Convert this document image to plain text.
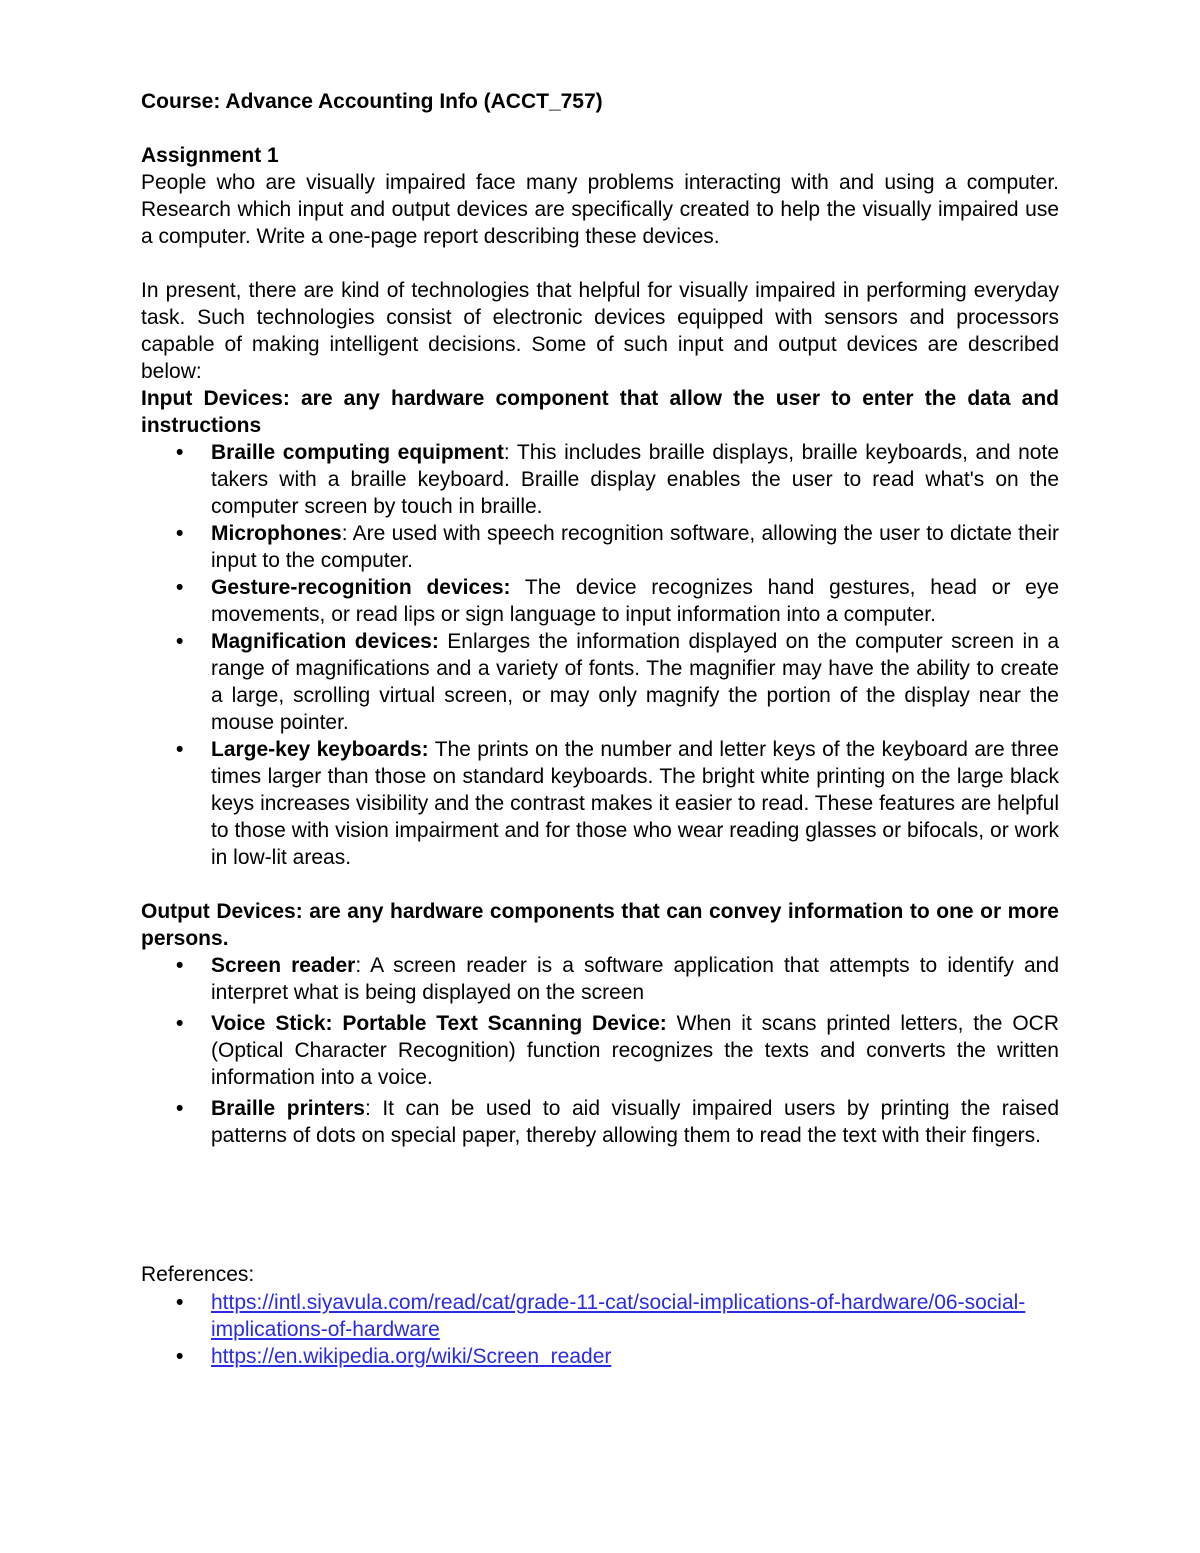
Course: Advance Accounting Info (ACCT_757)
Assignment 1

People who are visually impaired face many problems interacting with and using a computer. Research which input and output devices are specifically created to help the visually impaired use a computer. Write a one-page report describing these devices.

In present, there are kind of technologies that helpful for visually impaired in performing everyday task. Such technologies consist of electronic devices equipped with sensors and processors capable of making intelligent decisions. Some of such input and output devices are described below:

Input Devices: are any hardware component that allow the user to enter the data and instructions
• Braille computing equipment: This includes braille displays, braille keyboards, and note takers with a braille keyboard. Braille display enables the user to read what's on the computer screen by touch in braille.
• Microphones: Are used with speech recognition software, allowing the user to dictate their input to the computer.
• Gesture-recognition devices: The device recognizes hand gestures, head or eye movements, or read lips or sign language to input information into a computer.
• Magnification devices: Enlarges the information displayed on the computer screen in a range of magnifications and a variety of fonts. The magnifier may have the ability to create a large, scrolling virtual screen, or may only magnify the portion of the display near the mouse pointer.
• Large-key keyboards: The prints on the number and letter keys of the keyboard are three times larger than those on standard keyboards. The bright white printing on the large black keys increases visibility and the contrast makes it easier to read. These features are helpful to those with vision impairment and for those who wear reading glasses or bifocals, or work in low-lit areas.
Output Devices: are any hardware components that can convey information to one or more persons.
• Screen reader: A screen reader is a software application that attempts to identify and interpret what is being displayed on the screen
• Voice Stick: Portable Text Scanning Device: When it scans printed letters, the OCR (Optical Character Recognition) function recognizes the texts and converts the written information into a voice.
• Braille printers: It can be used to aid visually impaired users by printing the raised patterns of dots on special paper, thereby allowing them to read the text with their fingers.

References:

• https://intl.siyavula.com/read/cat/grade-11-cat/social-implications-of-hardware/06-social-implications-of-hardware
• https://en.wikipedia.org/wiki/Screen_reader
